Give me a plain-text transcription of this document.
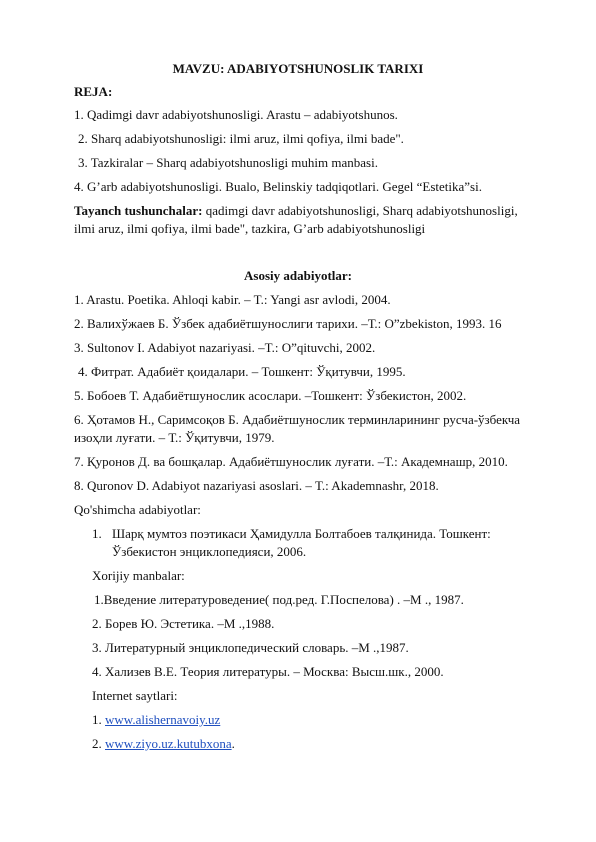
MAVZU: ADABIYOTSHUNOSLIK TARIXI
REJA:
1. Qadimgi davr adabiyotshunosligi. Arastu – adabiyotshunos.
2. Sharq adabiyotshunosligi: ilmi aruz, ilmi qofiya, ilmi bade".
3. Tazkiralar – Sharq adabiyotshunosligi muhim manbasi.
4. G’arb adabiyotshunosligi. Bualo, Belinskiy tadqiqotlari. Gegel “Estetika”si.
Tayanch tushunchalar: qadimgi davr adabiyotshunosligi, Sharq adabiyotshunosligi,
ilmi aruz, ilmi qofiya, ilmi bade", tazkira, G’arb adabiyotshunosligi
Asosiy adabiyotlar:
1. Arastu. Poetika. Ahloqi kabir. – T.: Yangi asr avlodi, 2004.
2. Валихўжаев Б. Ўзбек адабиётшунослиги тарихи. –Т.: O”zbekiston, 1993. 16
3. Sultonov I. Adabiyot nazariyasi. –T.: O”qituvchi, 2002.
4. Фитрат. Адабиёт қоидалари. – Тошкент: Ўқитувчи, 1995.
5. Бобоев Т. Адабиётшунослик асослари. –Тошкент: Ўзбекистон, 2002.
6. Ҳотамов Н., Саримсоқов Б. Адабиётшунослик терминларининг русча-ўзбекча
изоҳли луғати. – Т.: Ўқитувчи, 1979.
7. Қуронов Д. ва бошқалар. Адабиётшунослик луғати. –Т.: Академнашр, 2010.
8. Quronov D. Adabiyot nazariyasi asoslari. – T.: Akademnashr, 2018.
Qo'shimcha adabiyotlar:
1. Шарқ мумтоз поэтикаси Ҳамидулла Болтабоев талқинида. Тошкент:
Ўзбекистон энциклопедияси, 2006.
Xorijiy manbalar:
1.Введение литературоведение( под.ред. Г.Поспелова) . –М ., 1987.
2. Борев Ю. Эстетика. –М .,1988.
3. Литературный энциклопедический словарь. –М .,1987.
4. Хализев В.Е. Теория литературы. – Москва: Высш.шк., 2000.
Internet saytlari:
1. www.alishernavoiy.uz
2. www.ziyo.uz.kutubxona.
